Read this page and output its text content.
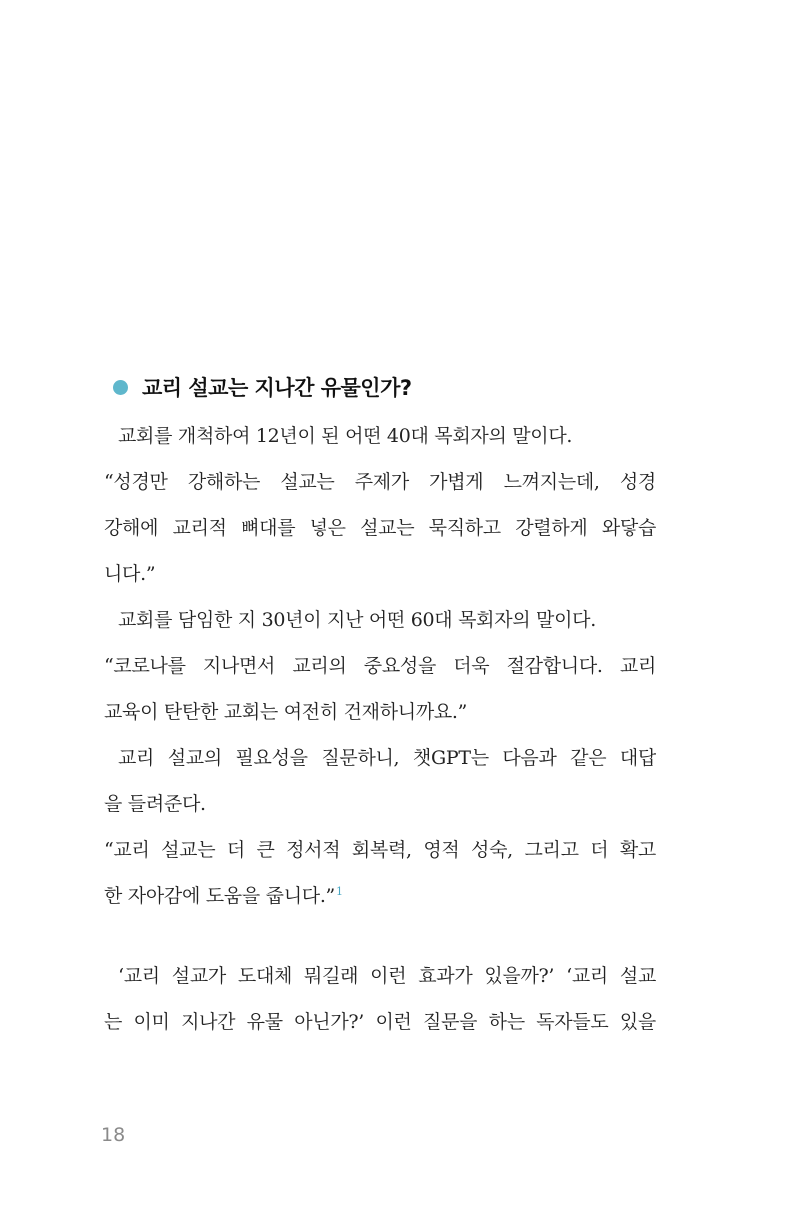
교리 설교는 지나간 유물인가?
교회를 개척하여 12년이 된 어떤 40대 목회자의 말이다.
“성경만 강해하는 설교는 주제가 가볍게 느껴지는데, 성경
강해에 교리적 뼈대를 넣은 설교는 묵직하고 강렬하게 와닿습
니다.”
교회를 담임한 지 30년이 지난 어떤 60대 목회자의 말이다.
“코로나를 지나면서 교리의 중요성을 더욱 절감합니다. 교리
교육이 탄탄한 교회는 여전히 건재하니까요.”
교리 설교의 필요성을 질문하니, 챗GPT는 다음과 같은 대답
을 들려준다.
“교리 설교는 더 큰 정서적 회복력, 영적 성숙, 그리고 더 확고
한 자아감에 도움을 줍니다.”$^1$
‘교리 설교가 도대체 뭐길래 이런 효과가 있을까?’ ‘교리 설교
는 이미 지나간 유물 아닌가?’ 이런 질문을 하는 독자들도 있을
18
